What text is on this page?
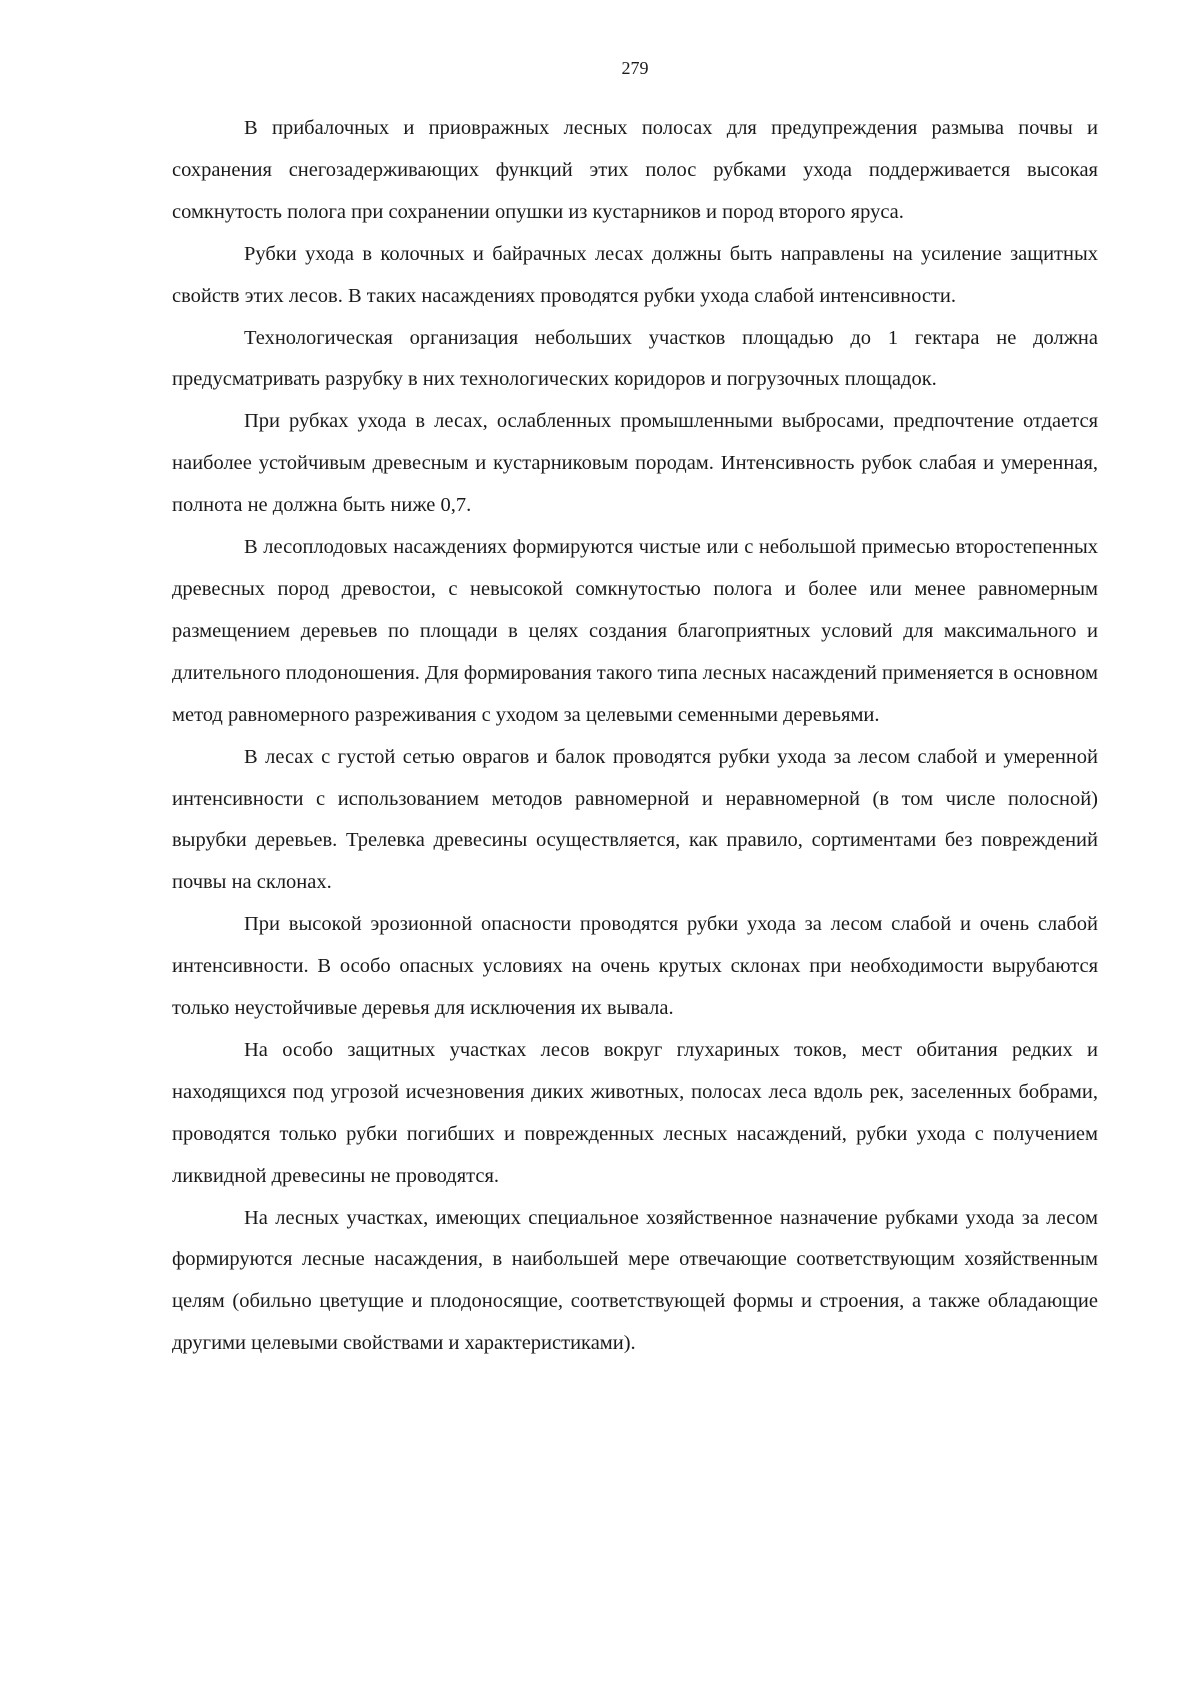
279

В прибалочных и приовражных лесных полосах для предупреждения размыва почвы и сохранения снегозадерживающих функций этих полос рубками ухода поддерживается высокая сомкнутость полога при сохранении опушки из кустарников и пород второго яруса.

Рубки ухода в колочных и байрачных лесах должны быть направлены на усиление защитных свойств этих лесов. В таких насаждениях проводятся рубки ухода слабой интенсивности.

Технологическая организация небольших участков площадью до 1 гектара не должна предусматривать разрубку в них технологических коридоров и погрузочных площадок.

При рубках ухода в лесах, ослабленных промышленными выбросами, предпочтение отдается наиболее устойчивым древесным и кустарниковым породам. Интенсивность рубок слабая и умеренная, полнота не должна быть ниже 0,7.

В лесоплодовых насаждениях формируются чистые или с небольшой примесью второстепенных древесных пород древостои, с невысокой сомкнутостью полога и более или менее равномерным размещением деревьев по площади в целях создания благоприятных условий для максимального и длительного плодоношения. Для формирования такого типа лесных насаждений применяется в основном метод равномерного разреживания с уходом за целевыми семенными деревьями.

В лесах с густой сетью оврагов и балок проводятся рубки ухода за лесом слабой и умеренной интенсивности с использованием методов равномерной и неравномерной (в том числе полосной) вырубки деревьев. Трелевка древесины осуществляется, как правило, сортиментами без повреждений почвы на склонах.

При высокой эрозионной опасности проводятся рубки ухода за лесом слабой и очень слабой интенсивности. В особо опасных условиях на очень крутых склонах при необходимости вырубаются только неустойчивые деревья для исключения их вывала.

На особо защитных участках лесов вокруг глухариных токов, мест обитания редких и находящихся под угрозой исчезновения диких животных, полосах леса вдоль рек, заселенных бобрами, проводятся только рубки погибших и поврежденных лесных насаждений, рубки ухода с получением ликвидной древесины не проводятся.

На лесных участках, имеющих специальное хозяйственное назначение рубками ухода за лесом формируются лесные насаждения, в наибольшей мере отвечающие соответствующим хозяйственным целям (обильно цветущие и плодоносящие, соответствующей формы и строения, а также обладающие другими целевыми свойствами и характеристиками).
